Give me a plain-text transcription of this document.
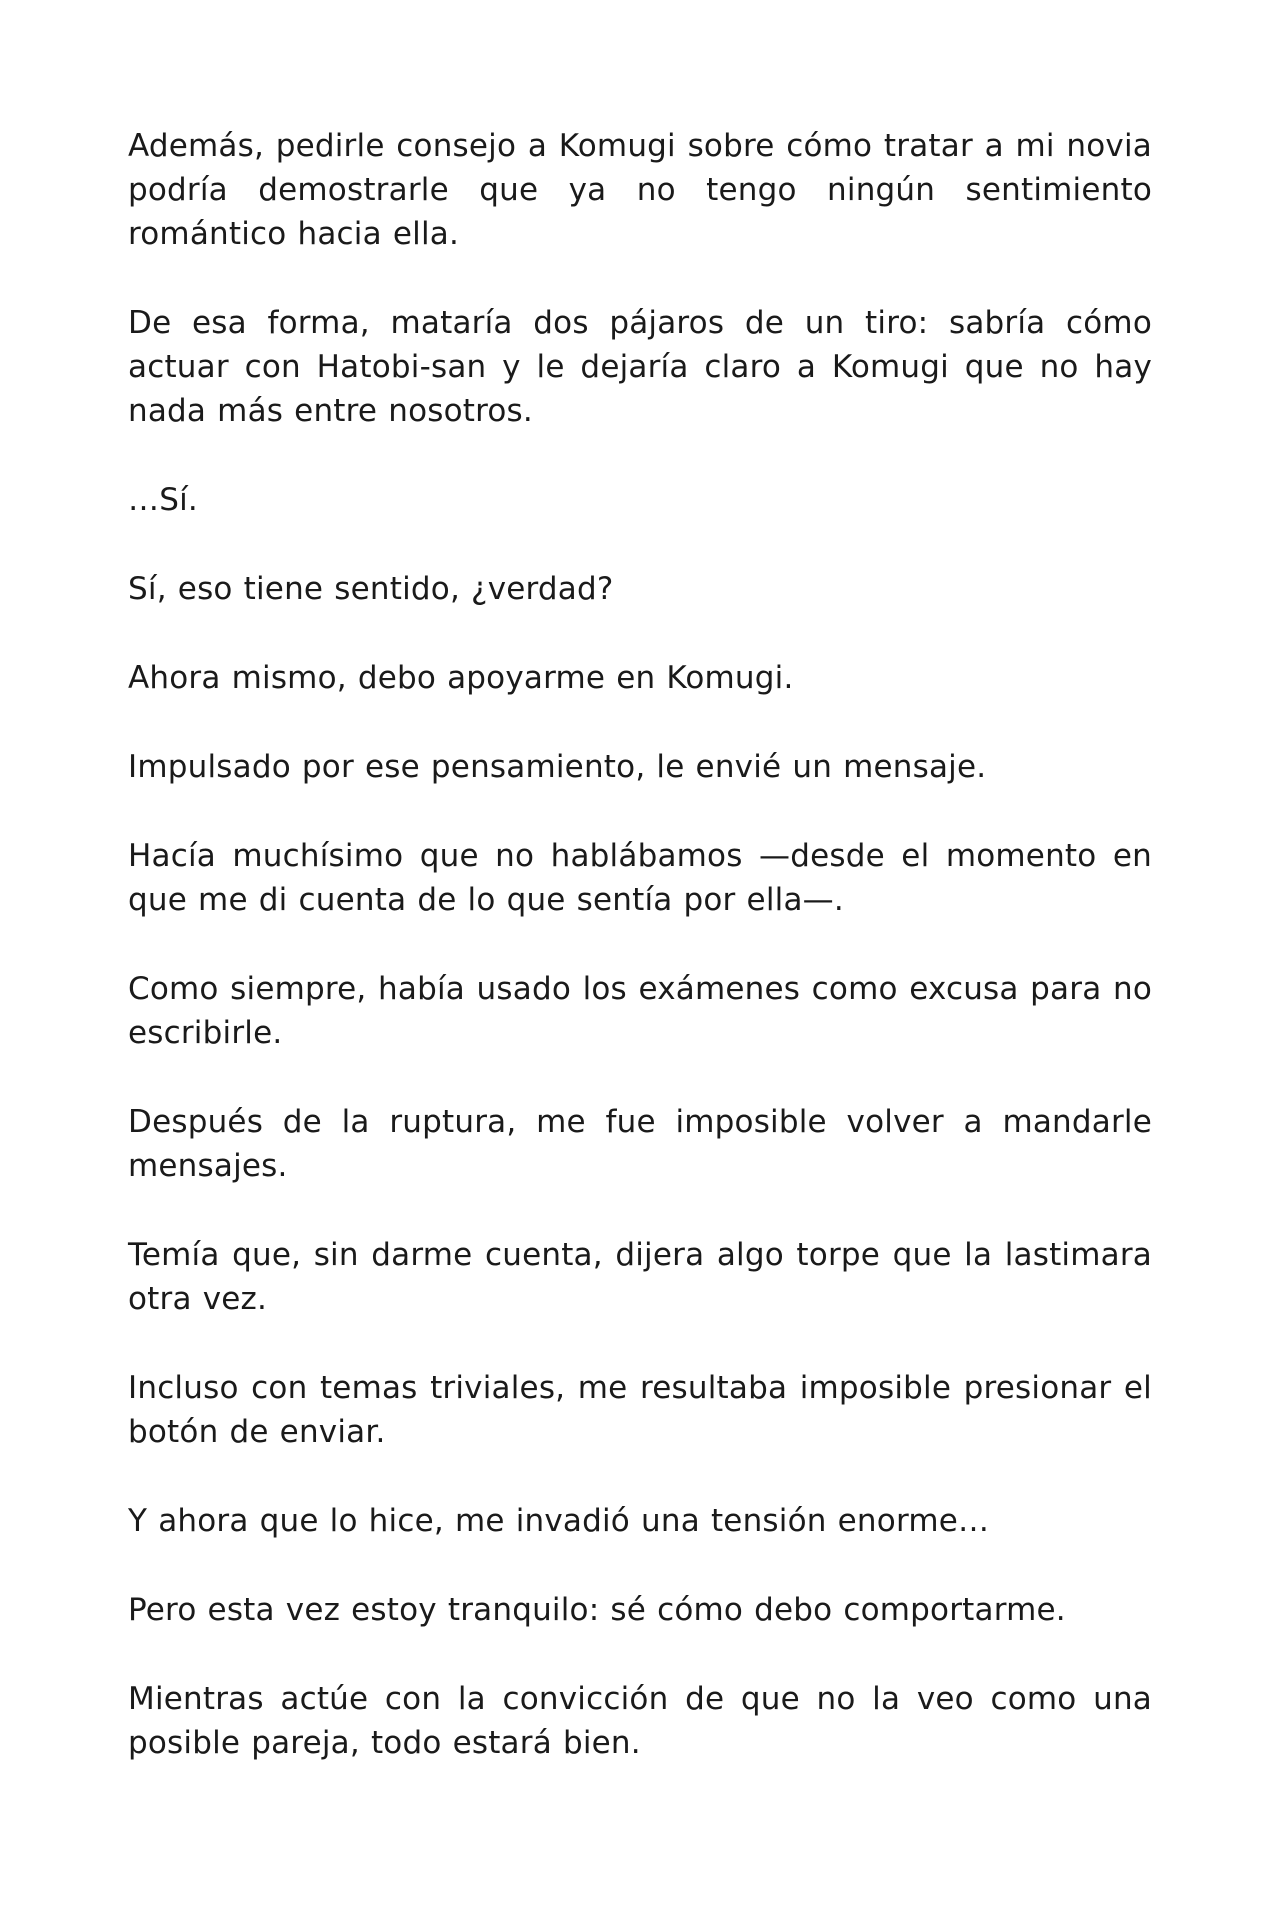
Además, pedirle consejo a Komugi sobre cómo tratar a mi novia podría demostrarle que ya no tengo ningún sentimiento romántico hacia ella.

De esa forma, mataría dos pájaros de un tiro: sabría cómo actuar con Hatobi-san y le dejaría claro a Komugi que no hay nada más entre nosotros.

…Sí.

Sí, eso tiene sentido, ¿verdad?

Ahora mismo, debo apoyarme en Komugi.

Impulsado por ese pensamiento, le envié un mensaje.

Hacía muchísimo que no hablábamos —desde el momento en que me di cuenta de lo que sentía por ella—.

Como siempre, había usado los exámenes como excusa para no escribirle.

Después de la ruptura, me fue imposible volver a mandarle mensajes.

Temía que, sin darme cuenta, dijera algo torpe que la lastimara otra vez.

Incluso con temas triviales, me resultaba imposible presionar el botón de enviar.

Y ahora que lo hice, me invadió una tensión enorme…

Pero esta vez estoy tranquilo: sé cómo debo comportarme.

Mientras actúe con la convicción de que no la veo como una posible pareja, todo estará bien.
